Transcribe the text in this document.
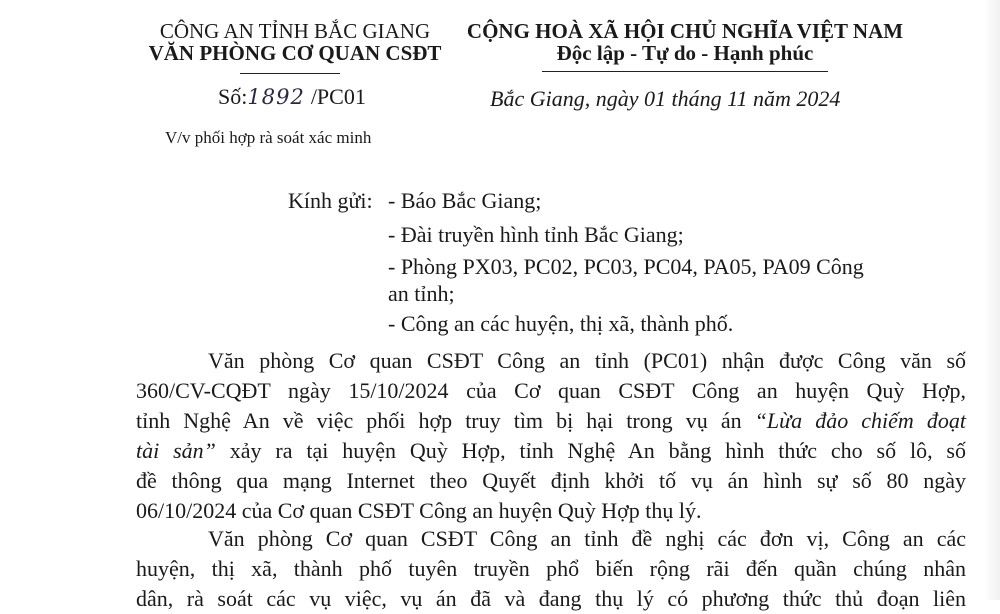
CÔNG AN TỈNH BẮC GIANG
VĂN PHÒNG CƠ QUAN CSĐT
CỘNG HOÀ XÃ HỘI CHỦ NGHĨA VIỆT NAM
Độc lập - Tự do - Hạnh phúc
Số:1892 /PC01	Bắc Giang, ngày 01 tháng 11 năm 2024
V/v phối hợp rà soát xác minh
Kính gửi: - Báo Bắc Giang;
- Đài truyền hình tỉnh Bắc Giang;
- Phòng PX03, PC02, PC03, PC04, PA05, PA09 Công
an tỉnh;
- Công an các huyện, thị xã, thành phố.
Văn phòng Cơ quan CSĐT Công an tỉnh (PC01) nhận được Công văn số
360/CV-CQĐT ngày 15/10/2024 của Cơ quan CSĐT Công an huyện Quỳ Hợp,
tỉnh Nghệ An về việc phối hợp truy tìm bị hại trong vụ án “Lừa đảo chiếm đoạt
tài sản” xảy ra tại huyện Quỳ Hợp, tỉnh Nghệ An bằng hình thức cho số lô, số
đề thông qua mạng Internet theo Quyết định khởi tố vụ án hình sự số 80 ngày
06/10/2024 của Cơ quan CSĐT Công an huyện Quỳ Hợp thụ lý.
Văn phòng Cơ quan CSĐT Công an tỉnh đề nghị các đơn vị, Công an các
huyện, thị xã, thành phố tuyên truyền phổ biến rộng rãi đến quần chúng nhân
dân, rà soát các vụ việc, vụ án đã và đang thụ lý có phương thức thủ đoạn liên
